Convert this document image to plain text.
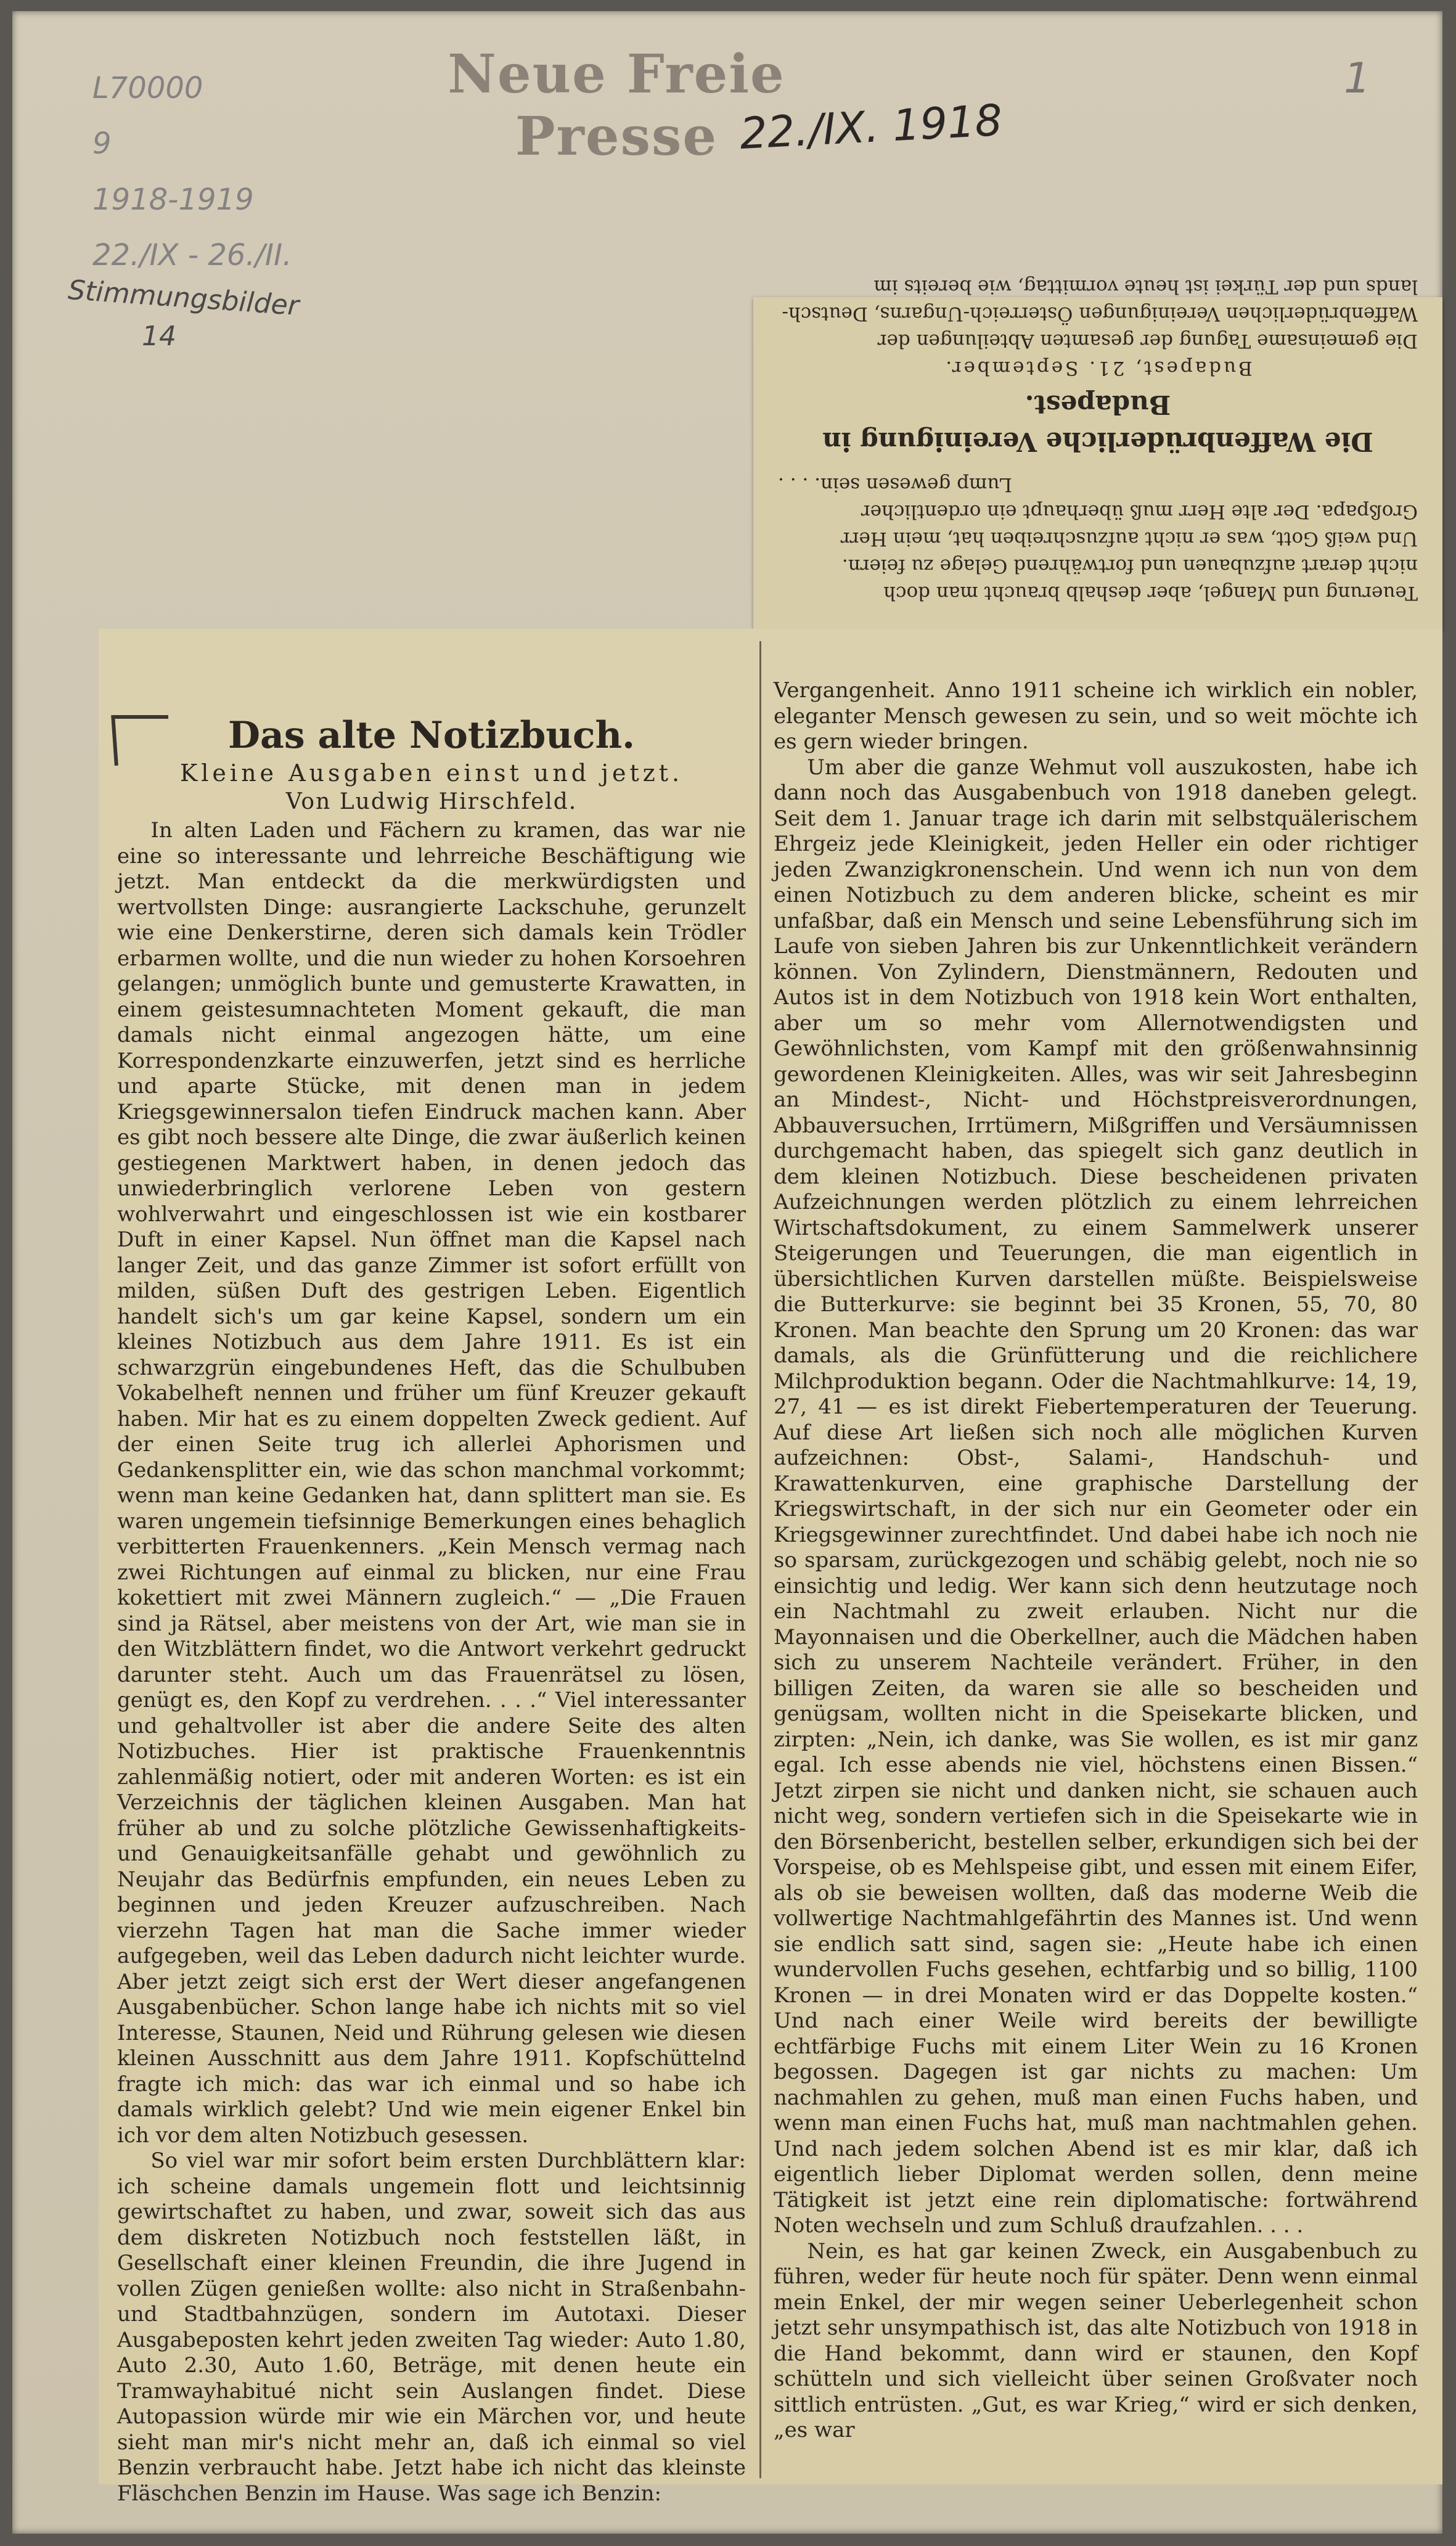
Neue Freie Presse 22./IX. 1918
1
L70000
9
1918-1919
22./IX - 26./II.
Stimmungsbilder
14
Teuerung und Mangel, aber deshalb braucht man doch
nicht derart aufzubauen und fortwährend Gelage zu feiern.
Und weiß Gott, was er nicht aufzuschreiben hat, mein Herr
Großpapa. Der alte Herr muß überhaupt ein ordentlicher
Lump gewesen sein. . . .
Die Waffenbrüderliche Vereinigung in Budapest.
Budapest, 21. September.
Die gemeinsame Tagung der gesamten Abteilungen der
Waffenbrüderlichen Vereinigungen Österreich-Ungarns, Deutsch-
lands und der Türkei ist heute vormittag, wie bereits im
Das alte Notizbuch.
Kleine Ausgaben einst und jetzt.
Von Ludwig Hirschfeld.

In alten Laden und Fächern zu kramen, das war nie eine so interessante und lehrreiche Beschäftigung wie jetzt. Man entdeckt da die merkwürdigsten und wertvollsten Dinge: ausrangierte Lackschuhe, gerunzelt wie eine Denkerstirne, deren sich damals kein Trödler erbarmen wollte, und die nun wieder zu hohen Korsoehren gelangen; unmöglich bunte und gemusterte Krawatten, in einem geistesumnachteten Moment gekauft, die man damals nicht einmal angezogen hätte, um eine Korrespondenzkarte einzuwerfen, jetzt sind es herrliche und aparte Stücke, mit denen man in jedem Kriegsgewinnersalon tiefen Eindruck machen kann. Aber es gibt noch bessere alte Dinge, die zwar äußerlich keinen gestiegenen Marktwert haben, in denen jedoch das unwiederbringlich verlorene Leben von gestern wohlverwahrt und eingeschlossen ist wie ein kostbarer Duft in einer Kapsel. Nun öffnet man die Kapsel nach langer Zeit, und das ganze Zimmer ist sofort erfüllt von milden, süßen Duft des gestrigen Leben. Eigentlich handelt sich's um gar keine Kapsel, sondern um ein kleines Notizbuch aus dem Jahre 1911. Es ist ein schwarzgrün eingebundenes Heft, das die Schulbuben Vokabelheft nennen und früher um fünf Kreuzer gekauft haben. Mir hat es zu einem doppelten Zweck gedient. Auf der einen Seite trug ich allerlei Aphorismen und Gedankensplitter ein, wie das schon manchmal vorkommt; wenn man keine Gedanken hat, dann splittert man sie. Es waren ungemein tiefsinnige Bemerkungen eines behaglich verbitterten Frauenkenners. „Kein Mensch vermag nach zwei Richtungen auf einmal zu blicken, nur eine Frau kokettiert mit zwei Männern zugleich.“ — „Die Frauen sind ja Rätsel, aber meistens von der Art, wie man sie in den Witzblättern findet, wo die Antwort verkehrt gedruckt darunter steht. Auch um das Frauenrätsel zu lösen, genügt es, den Kopf zu verdrehen. . . .“ Viel interessanter und gehaltvoller ist aber die andere Seite des alten Notizbuches. Hier ist praktische Frauenkenntnis zahlenmäßig notiert, oder mit anderen Worten: es ist ein Verzeichnis der täglichen kleinen Ausgaben. Man hat früher ab und zu solche plötzliche Gewissenhaftigkeits- und Genauigkeitsanfälle gehabt und gewöhnlich zu Neujahr das Bedürfnis empfunden, ein neues Leben zu beginnen und jeden Kreuzer aufzuschreiben. Nach vierzehn Tagen hat man die Sache immer wieder aufgegeben, weil das Leben dadurch nicht leichter wurde. Aber jetzt zeigt sich erst der Wert dieser angefangenen Ausgabenbücher. Schon lange habe ich nichts mit so viel Interesse, Staunen, Neid und Rührung gelesen wie diesen kleinen Ausschnitt aus dem Jahre 1911. Kopfschüttelnd fragte ich mich: das war ich einmal und so habe ich damals wirklich gelebt? Und wie mein eigener Enkel bin ich vor dem alten Notizbuch gesessen.

So viel war mir sofort beim ersten Durchblättern klar: ich scheine damals ungemein flott und leichtsinnig gewirtschaftet zu haben, und zwar, soweit sich das aus dem diskreten Notizbuch noch feststellen läßt, in Gesellschaft einer kleinen Freundin, die ihre Jugend in vollen Zügen genießen wollte: also nicht in Straßenbahn- und Stadtbahnzügen, sondern im Autotaxi. Dieser Ausgabeposten kehrt jeden zweiten Tag wieder: Auto 1.80, Auto 2.30, Auto 1.60, Beträge, mit denen heute ein Tramwayhabitué nicht sein Auslangen findet. Diese Autopassion würde mir wie ein Märchen vor, und heute sieht man mir's nicht mehr an, daß ich einmal so viel Benzin verbraucht habe. Jetzt habe ich nicht das kleinste Fläschchen Benzin im Hause. Was sage ich Benzin:

Vergangenheit. Anno 1911 scheine ich wirklich ein nobler, eleganter Mensch gewesen zu sein, und so weit möchte ich es gern wieder bringen.

Um aber die ganze Wehmut voll auszukosten, habe ich dann noch das Ausgabenbuch von 1918 daneben gelegt. Seit dem 1. Januar trage ich darin mit selbstquälerischem Ehrgeiz jede Kleinigkeit, jeden Heller ein oder richtiger jeden Zwanzigkronenschein. Und wenn ich nun von dem einen Notizbuch zu dem anderen blicke, scheint es mir unfaßbar, daß ein Mensch und seine Lebensführung sich im Laufe von sieben Jahren bis zur Unkenntlichkeit verändern können. Von Zylindern, Dienstmännern, Redouten und Autos ist in dem Notizbuch von 1918 kein Wort enthalten, aber um so mehr vom Allernotwendigsten und Gewöhnlichsten, vom Kampf mit den größenwahnsinnig gewordenen Kleinigkeiten. Alles, was wir seit Jahresbeginn an Mindest-, Nicht- und Höchstpreisverordnungen, Abbauversuchen, Irrtümern, Mißgriffen und Versäumnissen durchgemacht haben, das spiegelt sich ganz deutlich in dem kleinen Notizbuch. Diese bescheidenen privaten Aufzeichnungen werden plötzlich zu einem lehrreichen Wirtschaftsdokument, zu einem Sammelwerk unserer Steigerungen und Teuerungen, die man eigentlich in übersichtlichen Kurven darstellen müßte. Beispielsweise die Butterkurve: sie beginnt bei 35 Kronen, 55, 70, 80 Kronen. Man beachte den Sprung um 20 Kronen: das war damals, als die Grünfütterung und die reichlichere Milchproduktion begann. Oder die Nachtmahlkurve: 14, 19, 27, 41 — es ist direkt Fiebertemperaturen der Teuerung. Auf diese Art ließen sich noch alle möglichen Kurven aufzeichnen: Obst-, Salami-, Handschuh- und Krawattenkurven, eine graphische Darstellung der Kriegswirtschaft, in der sich nur ein Geometer oder ein Kriegsgewinner zurechtfindet. Und dabei habe ich noch nie so sparsam, zurückgezogen und schäbig gelebt, noch nie so einsichtig und ledig. Wer kann sich denn heutzutage noch ein Nachtmahl zu zweit erlauben. Nicht nur die Mayonnaisen und die Oberkellner, auch die Mädchen haben sich zu unserem Nachteile verändert. Früher, in den billigen Zeiten, da waren sie alle so bescheiden und genügsam, wollten nicht in die Speisekarte blicken, und zirpten: „Nein, ich danke, was Sie wollen, es ist mir ganz egal. Ich esse abends nie viel, höchstens einen Bissen.“ Jetzt zirpen sie nicht und danken nicht, sie schauen auch nicht weg, sondern vertiefen sich in die Speisekarte wie in den Börsenbericht, bestellen selber, erkundigen sich bei der Vorspeise, ob es Mehlspeise gibt, und essen mit einem Eifer, als ob sie beweisen wollten, daß das moderne Weib die vollwertige Nachtmahlgefährtin des Mannes ist. Und wenn sie endlich satt sind, sagen sie: „Heute habe ich einen wundervollen Fuchs gesehen, echtfarbig und so billig, 1100 Kronen — in drei Monaten wird er das Doppelte kosten.“ Und nach einer Weile wird bereits der bewilligte echtfärbige Fuchs mit einem Liter Wein zu 16 Kronen begossen. Dagegen ist gar nichts zu machen: Um nachmahlen zu gehen, muß man einen Fuchs haben, und wenn man einen Fuchs hat, muß man nachtmahlen gehen. Und nach jedem solchen Abend ist es mir klar, daß ich eigentlich lieber Diplomat werden sollen, denn meine Tätigkeit ist jetzt eine rein diplomatische: fortwährend Noten wechseln und zum Schluß draufzahlen. . . .

Nein, es hat gar keinen Zweck, ein Ausgabenbuch zu führen, weder für heute noch für später. Denn wenn einmal mein Enkel, der mir wegen seiner Ueberlegenheit schon jetzt sehr unsympathisch ist, das alte Notizbuch von 1918 in die Hand bekommt, dann wird er staunen, den Kopf schütteln und sich vielleicht über seinen Großvater noch sittlich entrüsten. „Gut, es war Krieg,“ wird er sich denken, „es war
